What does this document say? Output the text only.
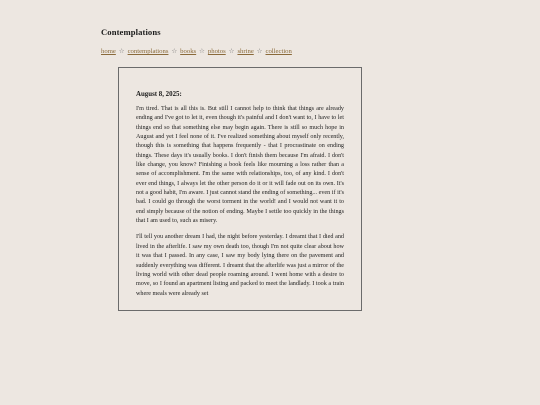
Contemplations
home ☆ contemplations ☆ books ☆ photos ☆ shrine ☆ collection
August 8, 2025:

I'm tired. That is all this is. But still I cannot help to think that things are already ending and I've got to let it, even though it's painful and I don't want to, I have to let things end so that something else may begin again. There is still so much hope in August and yet I feel none of it. I've realized something about myself only recently, though this is something that happens frequently - that I procrastinate on ending things. These days it's usually books. I don't finish them because I'm afraid. I don't like change, you know? Finishing a book feels like mourning a loss rather than a sense of accomplishment. I'm the same with relationships, too, of any kind. I don't ever end things, I always let the other person do it or it will fade out on its own. It's not a good habit, I'm aware. I just cannot stand the ending of something... even if it's bad. I could go through the worst torment in the world! and I would not want it to end simply because of the notion of ending. Maybe I settle too quickly in the things that I am used to, such as misery.

I'll tell you another dream I had, the night before yesterday. I dreamt that I died and lived in the afterlife. I saw my own death too, though I'm not quite clear about how it was that I passed. In any case, I saw my body lying there on the pavement and suddenly everything was different. I dreamt that the afterlife was just a mirror of the living world with other dead people roaming around. I went home with a desire to move, so I found an apartment listing and packed to meet the landlady. I took a train where meals were already set
